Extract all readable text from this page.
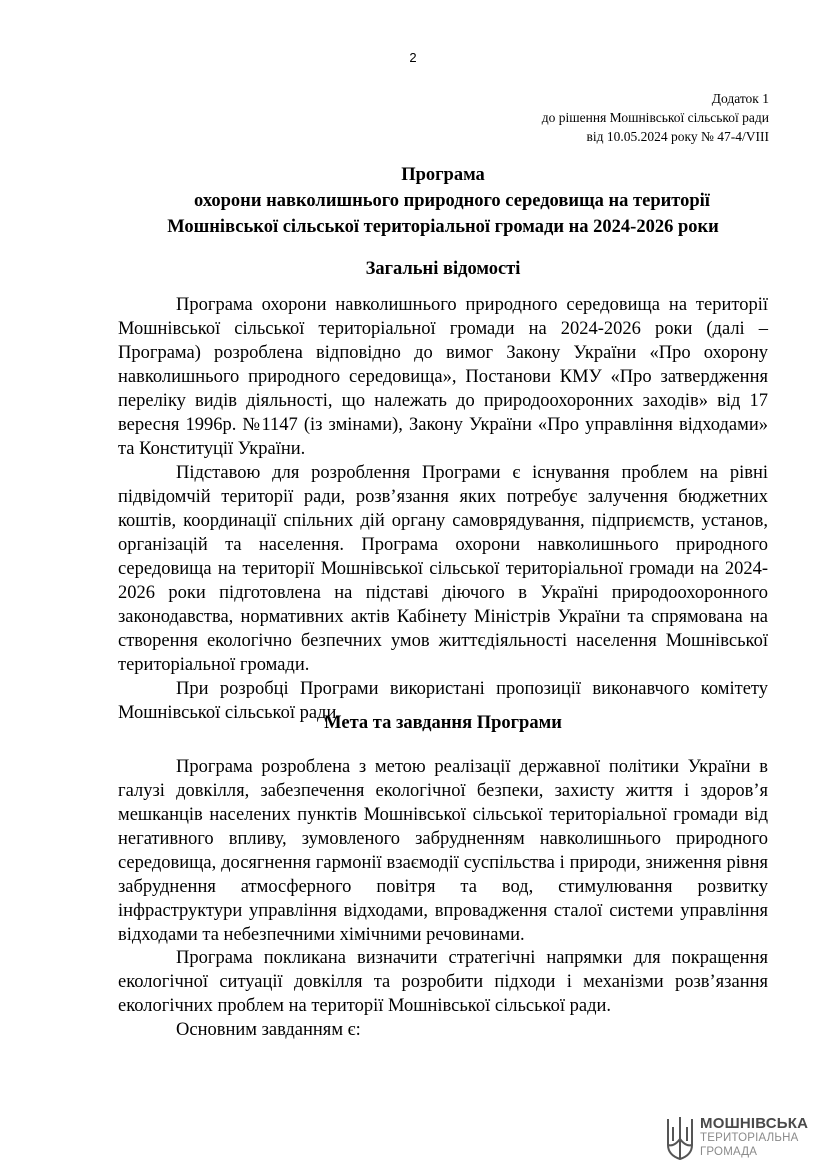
2
Додаток 1
до рішення Мошнівської сільської ради
від 10.05.2024 року № 47-4/VIII
Програма
охорони навколишнього природного середовища на території
Мошнівської сільської територіальної громади на 2024-2026 роки
Загальні відомості

Програма охорони навколишнього природного середовища на території Мошнівської сільської територіальної громади на 2024-2026 роки (далі – Програма) розроблена відповідно до вимог Закону України «Про охорону навколишнього природного середовища», Постанови КМУ «Про затвердження переліку видів діяльності, що належать до природоохоронних заходів» від 17 вересня 1996р. №1147 (із змінами), Закону України «Про управління відходами» та Конституції України.

Підставою для розроблення Програми є існування проблем на рівні підвідомчій території ради, розв’язання яких потребує залучення бюджетних коштів, координації спільних дій органу самоврядування, підприємств, установ, організацій та населення. Програма охорони навколишнього природного середовища на території Мошнівської сільської територіальної громади на 2024-2026 роки підготовлена на підставі діючого в Україні природоохоронного законодавства, нормативних актів Кабінету Міністрів України та спрямована на створення екологічно безпечних умов життєдіяльності населення Мошнівської територіальної громади.

При розробці Програми використані пропозиції виконавчого комітету Мошнівської сільської ради.

Мета та завдання Програми

Програма розроблена з метою реалізації державної політики України в галузі довкілля, забезпечення екологічної безпеки, захисту життя і здоров’я мешканців населених пунктів Мошнівської сільської територіальної громади від негативного впливу, зумовленого забрудненням навколишнього природного середовища, досягнення гармонії взаємодії суспільства і природи, зниження рівня забруднення атмосферного повітря та вод, стимулювання розвитку інфраструктури управління відходами, впровадження сталої системи управління відходами та небезпечними хімічними речовинами.

Програма покликана визначити стратегічні напрямки для покращення екологічної ситуації довкілля та розробити підходи і механізми розв’язання екологічних проблем на території Мошнівської сільської ради.

Основним завданням є:

МОШНІВСЬКА
ТЕРИТОРІАЛЬНА
ГРОМАДА
